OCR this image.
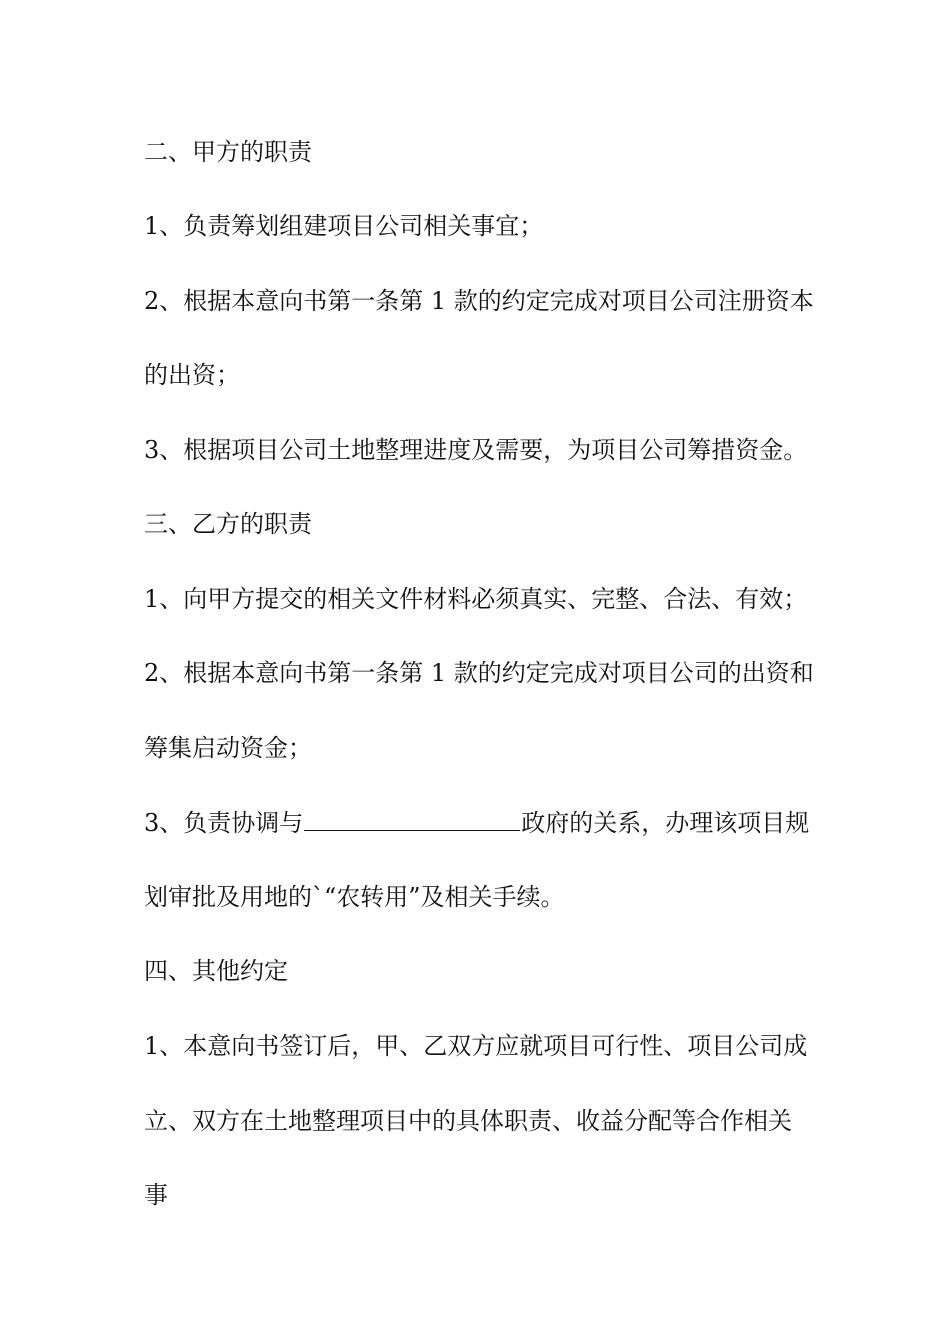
二、甲方的职责
1、负责筹划组建项目公司相关事宜；
2、根据本意向书第一条第 1 款的约定完成对项目公司注册资本
的出资；
3、根据项目公司土地整理进度及需要，为项目公司筹措资金。
三、乙方的职责
1、向甲方提交的相关文件材料必须真实、完整、合法、有效；
2、根据本意向书第一条第 1 款的约定完成对项目公司的出资和
筹集启动资金；
3、负责协调与	政府的关系，办理该项目规
划审批及用地的`“农转用”及相关手续。
四、其他约定
1、本意向书签订后，甲、乙双方应就项目可行性、项目公司成
立、双方在土地整理项目中的具体职责、收益分配等合作相关
事
